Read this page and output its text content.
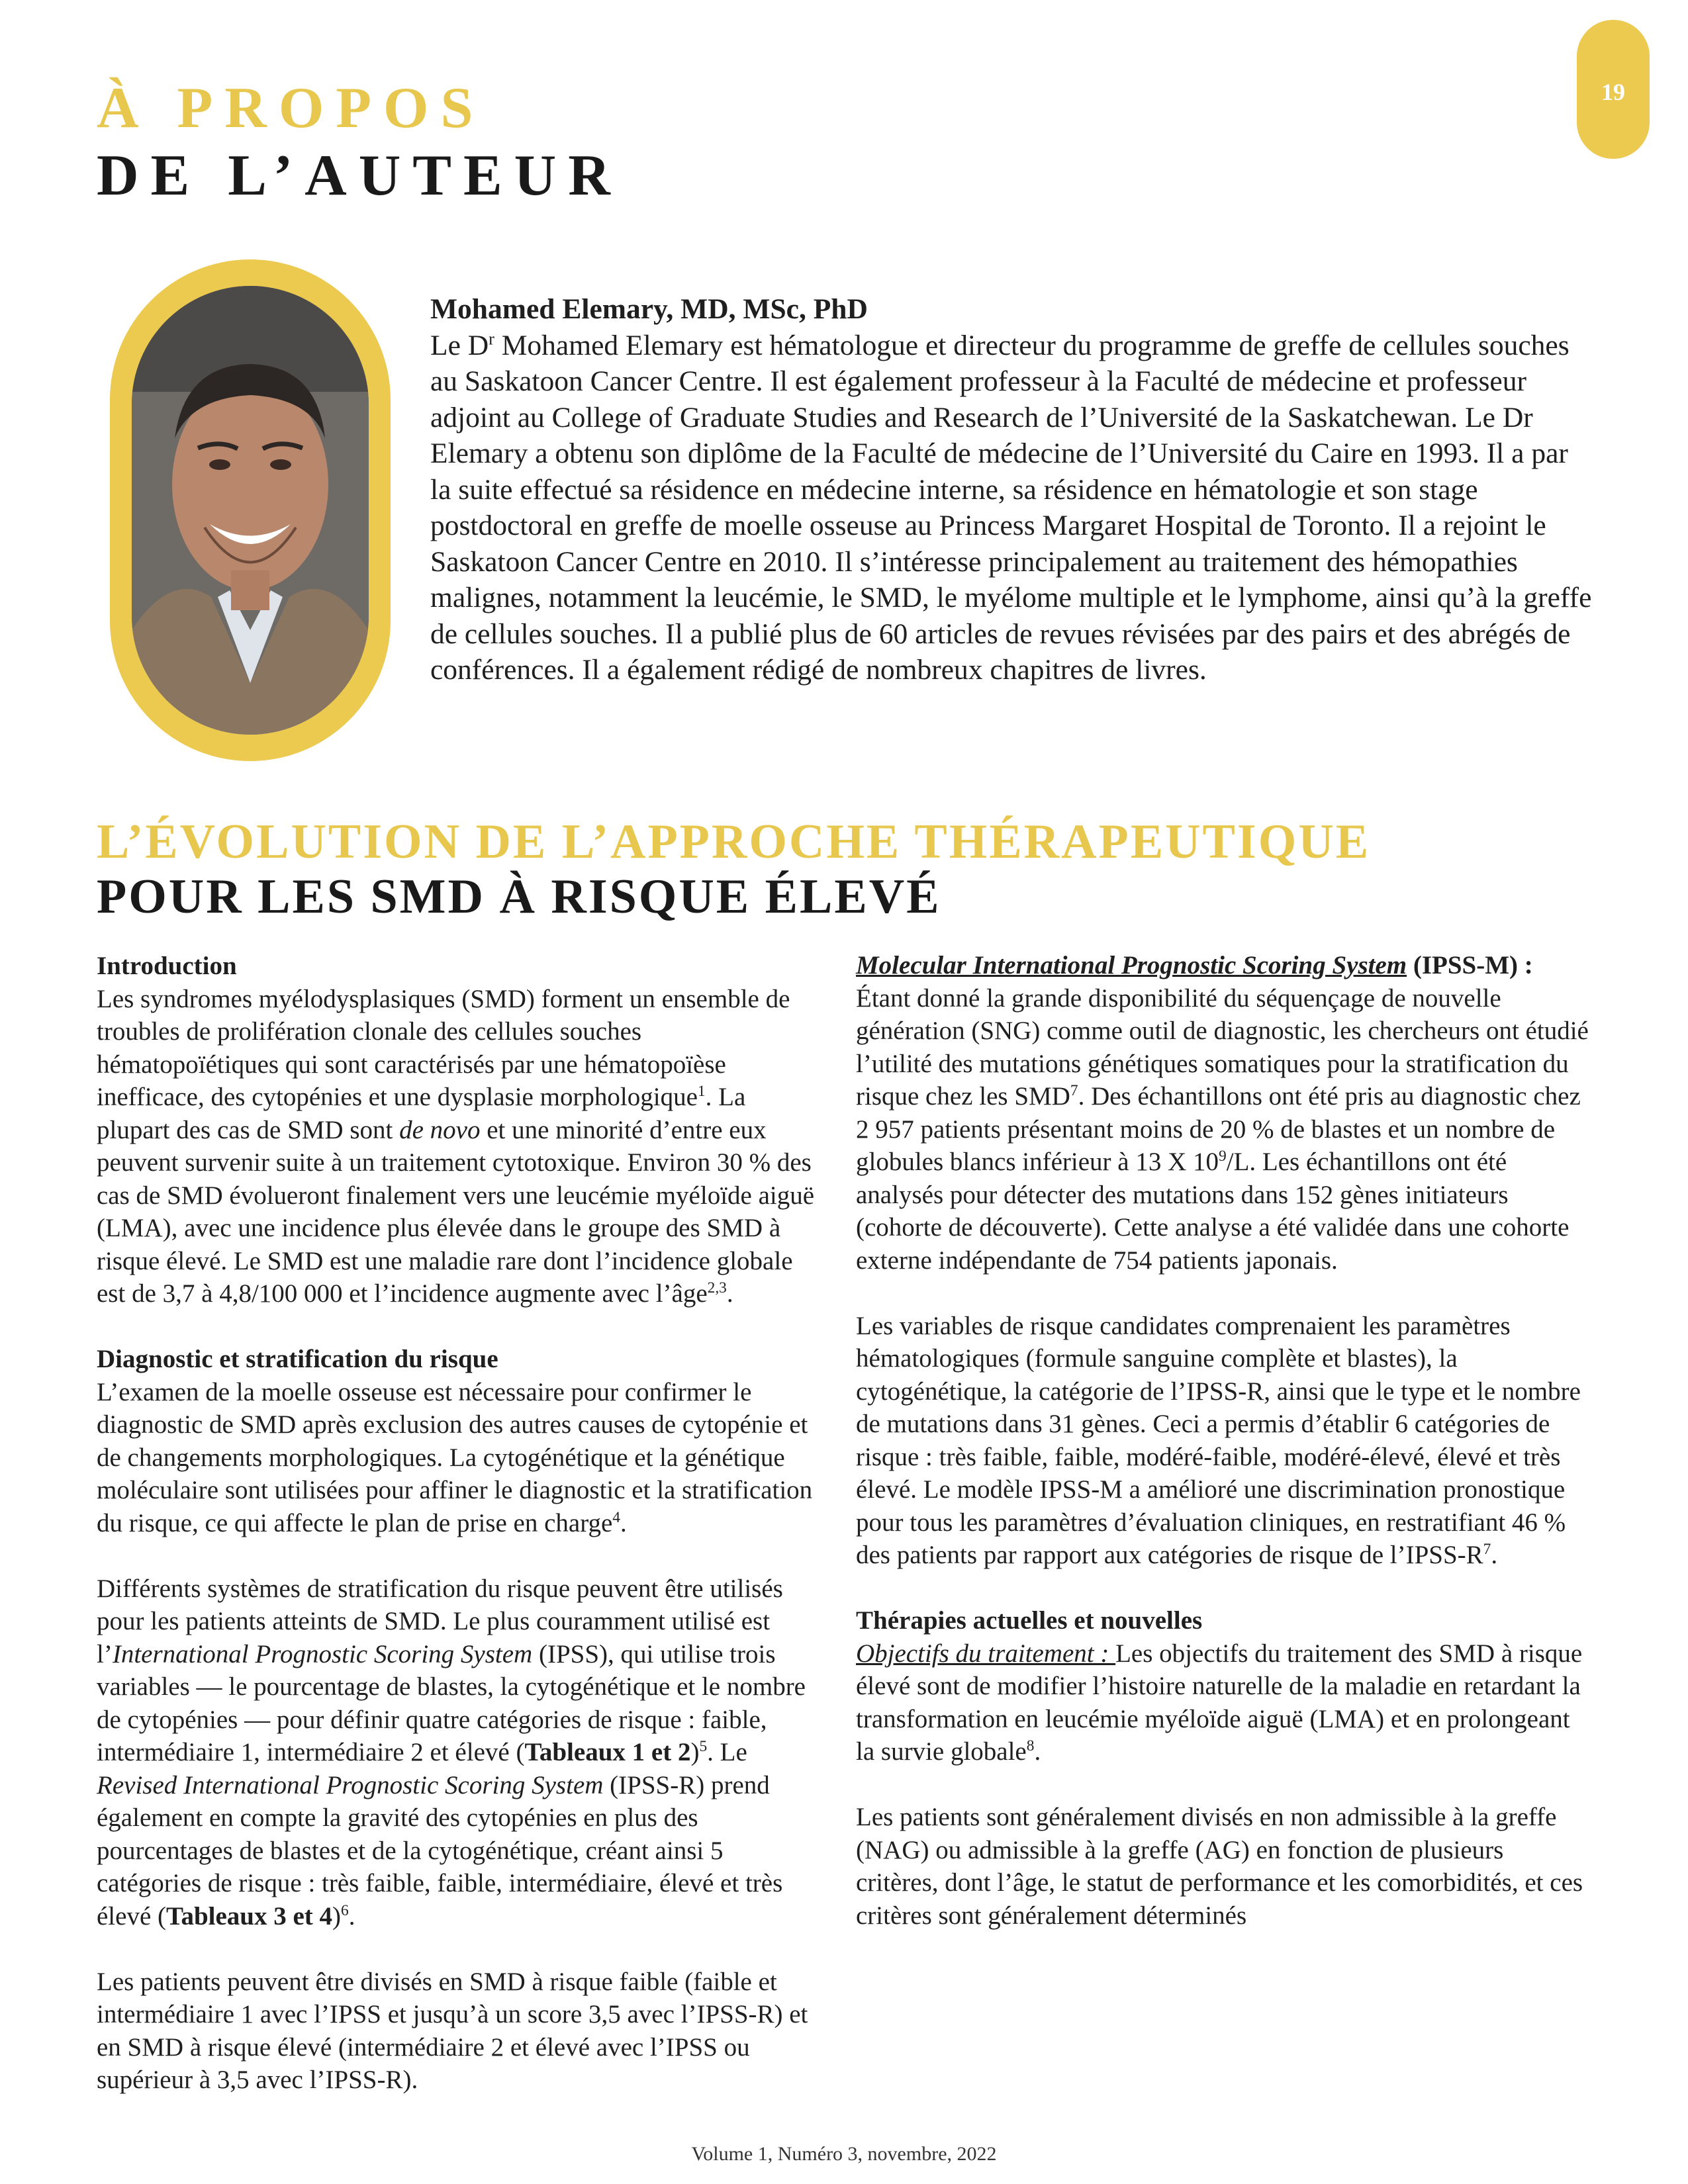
19
À PROPOS
DE L’AUTEUR
Mohamed Elemary, MD, MSc, PhD

Le $D^r$ Mohamed Elemary est hématologue et directeur du programme de greffe de cellules souches au Saskatoon Cancer Centre. Il est également professeur à la Faculté de médecine et professeur adjoint au College of Graduate Studies and Research de l’Université de la Saskatchewan. Le Dr Elemary a obtenu son diplôme de la Faculté de médecine de l’Université du Caire en 1993. Il a par la suite effectué sa résidence en médecine interne, sa résidence en hématologie et son stage postdoctoral en greffe de moelle osseuse au Princess Margaret Hospital de Toronto. Il a rejoint le Saskatoon Cancer Centre en 2010. Il s’intéresse principalement au traitement des hémopathies malignes, notamment la leucémie, le SMD, le myélome multiple et le lymphome, ainsi qu’à la greffe de cellules souches. Il a publié plus de 60 articles de revues révisées par des pairs et des abrégés de conférences. Il a également rédigé de nombreux chapitres de livres.

L’ÉVOLUTION DE L’APPROCHE THÉRAPEUTIQUE
POUR LES SMD À RISQUE ÉLEVÉ

Introduction
Les syndromes myélodysplasiques (SMD) forment un ensemble de troubles de prolifération clonale des cellules souches hématopoïétiques qui sont caractérisés par une hématopoïèse inefficace, des cytopénies et une dysplasie morphologique$^1$. La plupart des cas de SMD sont de novo et une minorité d’entre eux peuvent survenir suite à un traitement cytotoxique. Environ 30 % des cas de SMD évolueront finalement vers une leucémie myéloïde aiguë (LMA), avec une incidence plus élevée dans le groupe des SMD à risque élevé. Le SMD est une maladie rare dont l’incidence globale est de 3,7 à 4,8/100 000 et l’incidence augmente avec l’âge$^{2,3}$.

Diagnostic et stratification du risque
L’examen de la moelle osseuse est nécessaire pour confirmer le diagnostic de SMD après exclusion des autres causes de cytopénie et de changements morphologiques. La cytogénétique et la génétique moléculaire sont utilisées pour affiner le diagnostic et la stratification du risque, ce qui affecte le plan de prise en charge$^4$.

Différents systèmes de stratification du risque peuvent être utilisés pour les patients atteints de SMD. Le plus couramment utilisé est l’International Prognostic Scoring System (IPSS), qui utilise trois variables — le pourcentage de blastes, la cytogénétique et le nombre de cytopénies — pour définir quatre catégories de risque : faible, intermédiaire 1, intermédiaire 2 et élevé (Tableaux 1 et 2)$^5$. Le Revised International Prognostic Scoring System (IPSS-R) prend également en compte la gravité des cytopénies en plus des pourcentages de blastes et de la cytogénétique, créant ainsi 5 catégories de risque : très faible, faible, intermédiaire, élevé et très élevé (Tableaux 3 et 4)$^6$.

Les patients peuvent être divisés en SMD à risque faible (faible et intermédiaire 1 avec l’IPSS et jusqu’à un score 3,5 avec l’IPSS-R) et en SMD à risque élevé (intermédiaire 2 et élevé avec l’IPSS ou supérieur à 3,5 avec l’IPSS-R).

Molecular International Prognostic Scoring System (IPSS-M) :
Étant donné la grande disponibilité du séquençage de nouvelle génération (SNG) comme outil de diagnostic, les chercheurs ont étudié l’utilité des mutations génétiques somatiques pour la stratification du risque chez les SMD$^7$. Des échantillons ont été pris au diagnostic chez 2 957 patients présentant moins de 20 % de blastes et un nombre de globules blancs inférieur à 13 X $10^9/L$. Les échantillons ont été analysés pour détecter des mutations dans 152 gènes initiateurs (cohorte de découverte). Cette analyse a été validée dans une cohorte externe indépendante de 754 patients japonais.

Les variables de risque candidates comprenaient les paramètres hématologiques (formule sanguine complète et blastes), la cytogénétique, la catégorie de l’IPSS-R, ainsi que le type et le nombre de mutations dans 31 gènes. Ceci a permis d’établir 6 catégories de risque : très faible, faible, modéré-faible, modéré-élevé, élevé et très élevé. Le modèle IPSS-M a amélioré une discrimination pronostique pour tous les paramètres d’évaluation cliniques, en restratifiant 46 % des patients par rapport aux catégories de risque de $l’IPSS-R^7$.

Thérapies actuelles et nouvelles
Objectifs du traitement : Les objectifs du traitement des SMD à risque élevé sont de modifier l’histoire naturelle de la maladie en retardant la transformation en leucémie myéloïde aiguë (LMA) et en prolongeant la survie globale$^8$.

Les patients sont généralement divisés en non admissible à la greffe (NAG) ou admissible à la greffe (AG) en fonction de plusieurs critères, dont l’âge, le statut de performance et les comorbidités, et ces critères sont généralement déterminés

Volume 1, Numéro 3, novembre, 2022
